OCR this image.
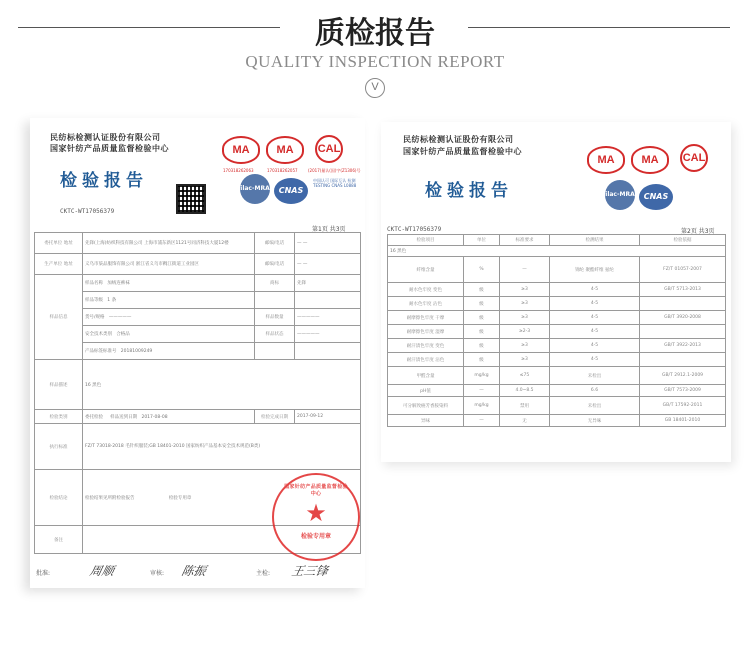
质检报告
QUALITY INSPECTION REPORT
V
民纺标检测认证股份有限公司
国家针纺产品质量监督检验中心
检验报告
CKTC-WT17056379
MA	MA	CAL
170318262063	170318262057	(2017)量认(国)字(Z1306)号
ilac-MRA	CNAS
中国认可 国际互认 检测 TESTING CNAS L0888
第1页 共3页
委托单位 地址	先锋(上海)纺织科技有限公司 上海市浦东新区1121号同济科技大厦12楼	邮编/电话	— —
生产单位 地址	义乌市柒品服饰有限公司 浙江省义乌市稠江街道工业园区	邮编/电话	— —
样品信息	样品名称 加绒连裤袜	商标	先锋
	样品等级 1 条		
	货号/规格 —————	样品数量	—————
	安全技术类别 合格品	样品状态	—————
	产品标签标准号 20181009249		
样品描述	16 黑色		
检验类别	委托检验 样品送到日期 2017-08-08	检验完成日期	2017-09-12
执行标准	FZ/T 73018-2018 毛针织服装;GB 18401-2010 国家纺织产品基本安全技术规范(B类)		
检验结论	检验结果见所附检验报告 检验专用章		
备注			
国家针纺产品质量监督检验中心
★
检验专用章
批准:	周顺	审核: 陈振	主检: 王三锋
民纺标检测认证股份有限公司
国家针纺产品质量监督检验中心
检验报告
MA	MA	CAL
ilac-MRA	CNAS
CKTC-WT17056379	第2页 共3页
检验项目	单位	标准要求	检测结果	检验依据
16 黑色				
纤维含量	%	—	锦纶 聚酯纤维 氨纶	FZ/T 01057-2007
耐水色牢度 变色	级	≥3	4-5	GB/T 5713-2013
耐水色牢度 沾色	级	≥3	4-5	
耐摩擦色牢度 干摩	级	≥3	4-5	GB/T 3920-2008
耐摩擦色牢度 湿摩	级	≥2-3	4-5	
耐汗渍色牢度 变色	级	≥3	4-5	GB/T 3922-2013
耐汗渍色牢度 沾色	级	≥3	4-5	
甲醛含量	mg/kg	≤75	未检出	GB/T 2912.1-2009
pH值	—	4.0~8.5	6.6	GB/T 7573-2009
可分解致癌芳香胺染料	mg/kg	禁用	未检出	GB/T 17592-2011
异味	—	无	无异味	GB 18401-2010
